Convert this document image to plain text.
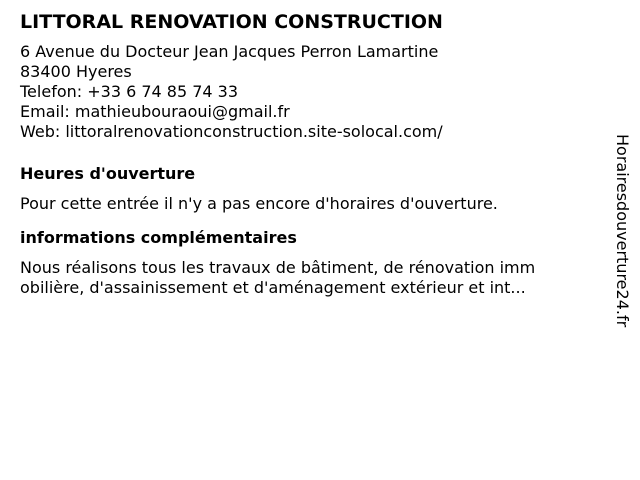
LITTORAL RENOVATION CONSTRUCTION
6 Avenue du Docteur Jean Jacques Perron Lamartine
83400 Hyeres
Telefon: +33 6 74 85 74 33
Email: mathieubouraoui@gmail.fr
Web: littoralrenovationconstruction.site-solocal.com/
Heures d'ouverture
Pour cette entrée il n'y a pas encore d'horaires d'ouverture.
informations complémentaires
Nous réalisons tous les travaux de bâtiment, de rénovation imm
obilière, d'assainissement et d'aménagement extérieur et int...	Horairesdouverture24.fr
